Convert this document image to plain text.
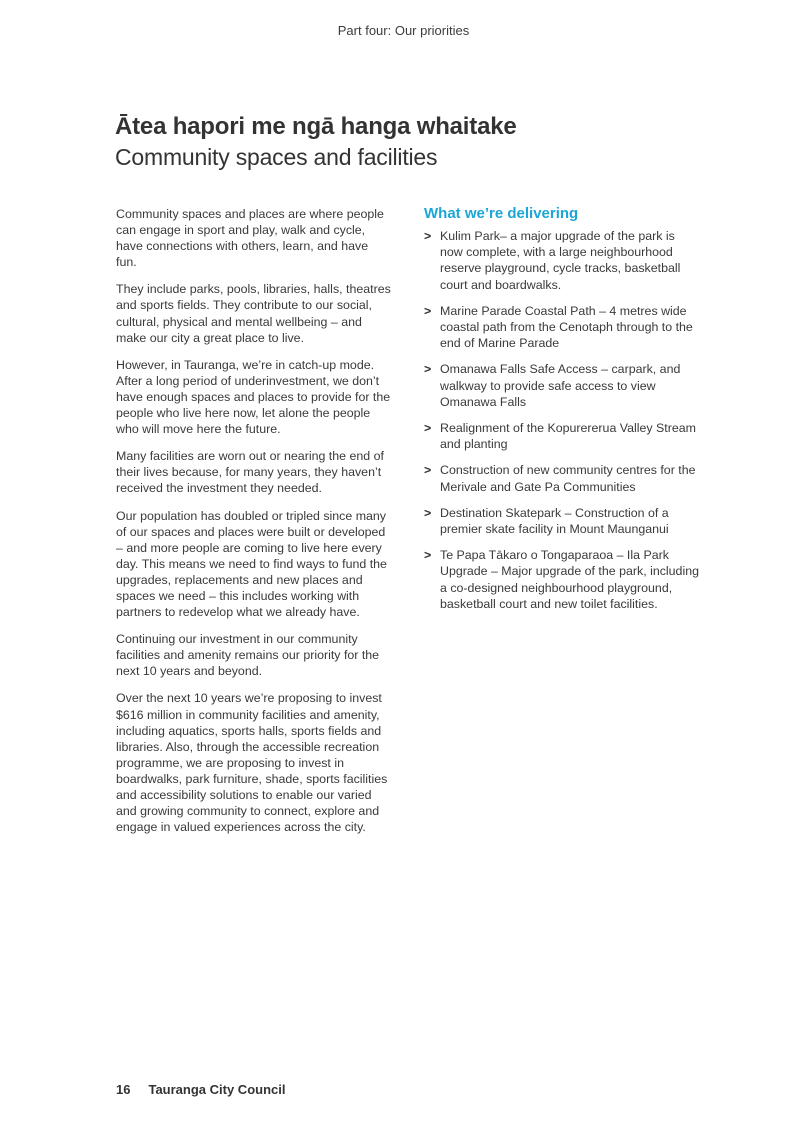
Part four: Our priorities
Ātea hapori me ngā hanga whaitake
Community spaces and facilities

Community spaces and places are where people can engage in sport and play, walk and cycle, have connections with others, learn, and have fun.

They include parks, pools, libraries, halls, theatres and sports fields. They contribute to our social, cultural, physical and mental wellbeing – and make our city a great place to live.

However, in Tauranga, we’re in catch-up mode. After a long period of underinvestment, we don’t have enough spaces and places to provide for the people who live here now, let alone the people who will move here the future.

Many facilities are worn out or nearing the end of their lives because, for many years, they haven’t received the investment they needed.

Our population has doubled or tripled since many of our spaces and places were built or developed – and more people are coming to live here every day. This means we need to find ways to fund the upgrades, replacements and new places and spaces we need – this includes working with partners to redevelop what we already have.

Continuing our investment in our community facilities and amenity remains our priority for the next 10 years and beyond.

Over the next 10 years we’re proposing to invest $616 million in community facilities and amenity, including aquatics, sports halls, sports fields and libraries. Also, through the accessible recreation programme, we are proposing to invest in boardwalks, park furniture, shade, sports facilities and accessibility solutions to enable our varied and growing community to connect, explore and engage in valued experiences across the city.

What we’re delivering
> Kulim Park– a major upgrade of the park is now complete, with a large neighbourhood reserve playground, cycle tracks, basketball court and boardwalks.
> Marine Parade Coastal Path – 4 metres wide coastal path from the Cenotaph through to the end of Marine Parade
> Omanawa Falls Safe Access – carpark, and walkway to provide safe access to view Omanawa Falls
> Realignment of the Kopurererua Valley Stream and planting
> Construction of new community centres for the Merivale and Gate Pa Communities
> Destination Skatepark – Construction of a premier skate facility in Mount Maunganui
> Te Papa Tākaro o Tongaparaoa – Ila Park Upgrade – Major upgrade of the park, including a co-designed neighbourhood playground, basketball court and new toilet facilities.
16 Tauranga City Council
